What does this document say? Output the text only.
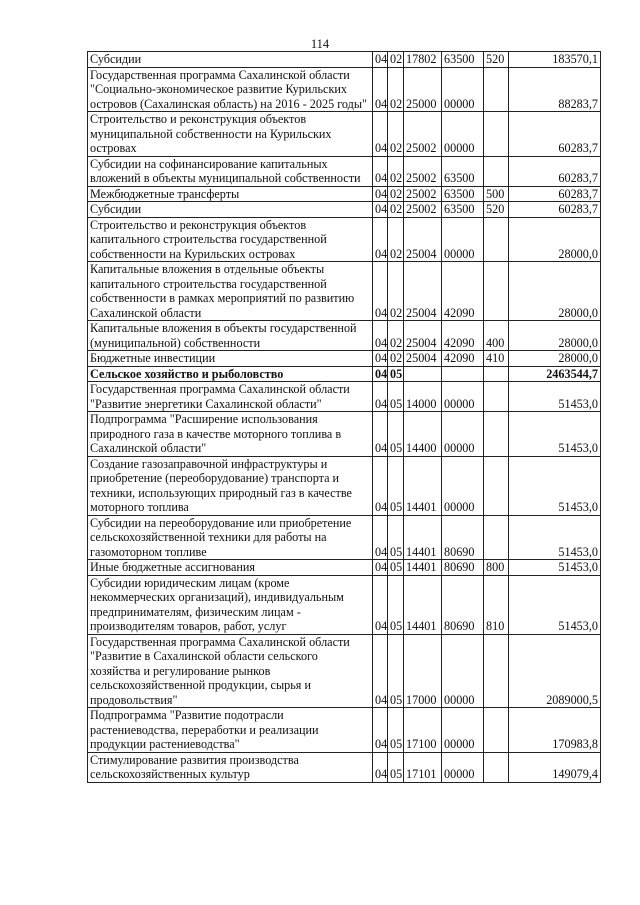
114
Субсидии	04	02	17802	63500	520	183570,1
Государственная программа Сахалинской области "Социально-экономическое развитие Курильских островов (Сахалинская область) на 2016 - 2025 годы"	04	02	25000	00000		88283,7
Строительство и реконструкция объектов муниципальной собственности на Курильских островах	04	02	25002	00000		60283,7
Субсидии на софинансирование капитальных вложений в объекты муниципальной собственности	04	02	25002	63500		60283,7
Межбюджетные трансферты	04	02	25002	63500	500	60283,7
Субсидии	04	02	25002	63500	520	60283,7
Строительство и реконструкция объектов капитального строительства государственной собственности на Курильских островах	04	02	25004	00000		28000,0
Капитальные вложения в отдельные объекты капитального строительства государственной собственности в рамках мероприятий по развитию Сахалинской области	04	02	25004	42090		28000,0
Капитальные вложения в объекты государственной (муниципальной) собственности	04	02	25004	42090	400	28000,0
Бюджетные инвестиции	04	02	25004	42090	410	28000,0
Сельское хозяйство и рыболовство	04	05				2463544,7
Государственная программа Сахалинской области "Развитие энергетики Сахалинской области"	04	05	14000	00000		51453,0
Подпрограмма "Расширение использования природного газа в качестве моторного топлива в Сахалинской области"	04	05	14400	00000		51453,0
Создание газозаправочной инфраструктуры и приобретение (переоборудование) транспорта и техники, использующих природный газ в качестве моторного топлива	04	05	14401	00000		51453,0
Субсидии на переоборудование или приобретение сельскохозяйственной техники для работы на газомоторном топливе	04	05	14401	80690		51453,0
Иные бюджетные ассигнования	04	05	14401	80690	800	51453,0
Субсидии юридическим лицам (кроме некоммерческих организаций), индивидуальным предпринимателям, физическим лицам - производителям товаров, работ, услуг	04	05	14401	80690	810	51453,0
Государственная программа Сахалинской области "Развитие в Сахалинской области сельского хозяйства и регулирование рынков сельскохозяйственной продукции, сырья и продовольствия"	04	05	17000	00000		2089000,5
Подпрограмма "Развитие подотрасли растениеводства, переработки и реализации продукции растениеводства"	04	05	17100	00000		170983,8
Стимулирование развития производства сельскохозяйственных культур	04	05	17101	00000		149079,4
